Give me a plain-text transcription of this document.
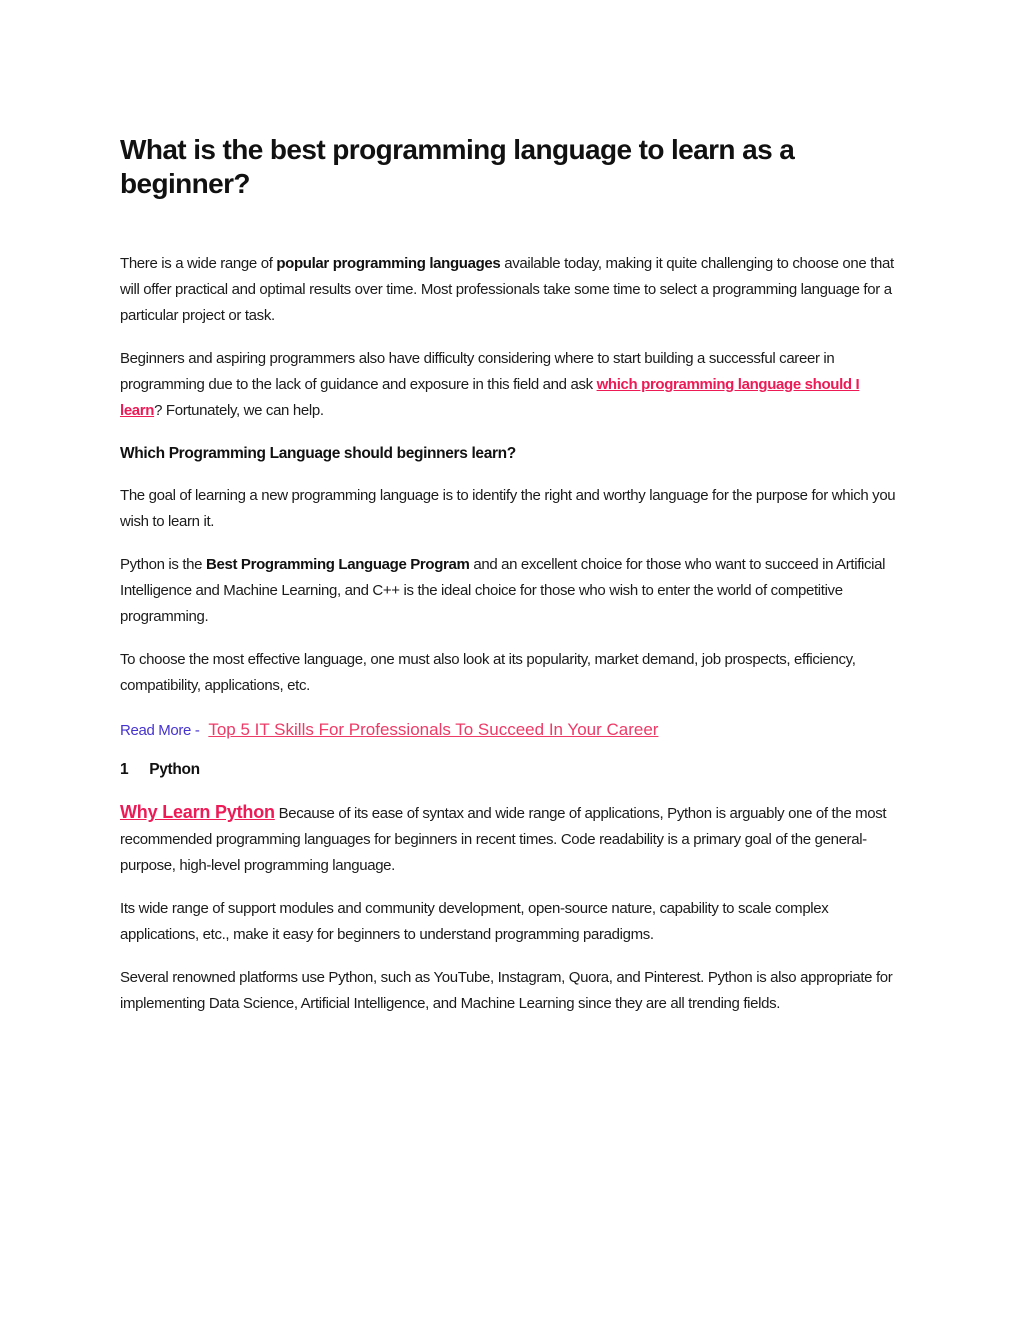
What is the best programming language to learn as a beginner?

There is a wide range of popular programming languages available today, making it quite challenging to choose one that will offer practical and optimal results over time. Most professionals take some time to select a programming language for a particular project or task.

Beginners and aspiring programmers also have difficulty considering where to start building a successful career in programming due to the lack of guidance and exposure in this field and ask which programming language should I learn? Fortunately, we can help.

Which Programming Language should beginners learn?

The goal of learning a new programming language is to identify the right and worthy language for the purpose for which you wish to learn it.

Python is the Best Programming Language Program and an excellent choice for those who want to succeed in Artificial Intelligence and Machine Learning, and C++ is the ideal choice for those who wish to enter the world of competitive programming.

To choose the most effective language, one must also look at its popularity, market demand, job prospects, efficiency, compatibility, applications, etc.

Read More - Top 5 IT Skills For Professionals To Succeed In Your Career

1 Python

Why Learn Python Because of its ease of syntax and wide range of applications, Python is arguably one of the most recommended programming languages for beginners in recent times. Code readability is a primary goal of the general-purpose, high-level programming language.

Its wide range of support modules and community development, open-source nature, capability to scale complex applications, etc., make it easy for beginners to understand programming paradigms.

Several renowned platforms use Python, such as YouTube, Instagram, Quora, and Pinterest. Python is also appropriate for implementing Data Science, Artificial Intelligence, and Machine Learning since they are all trending fields.
